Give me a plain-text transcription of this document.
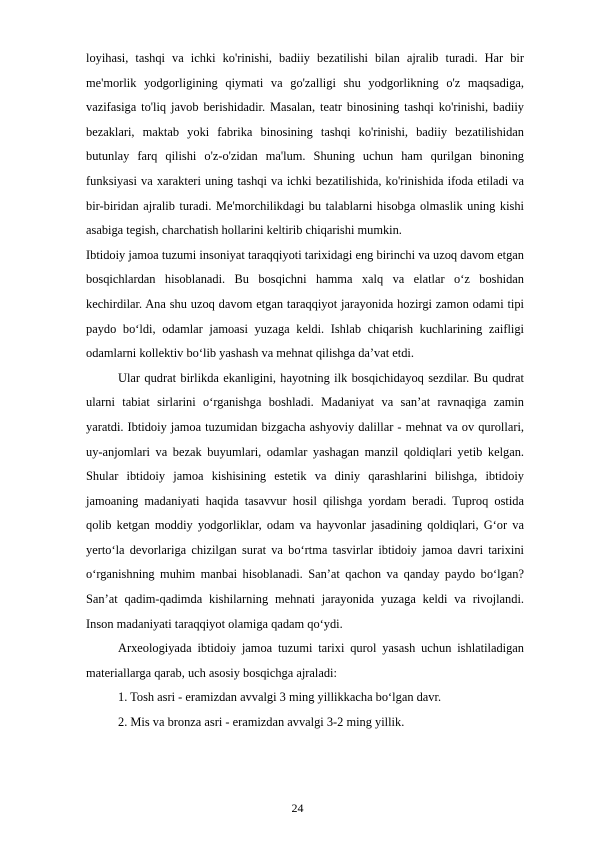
loyihasi, tashqi va ichki ko'rinishi, badiiy bezatilishi bilan ajralib turadi. Har bir me'morlik yodgorligining qiymati va go'zalligi shu yodgorlikning o'z maqsadiga, vazifasiga to'liq javob berishidadir. Masalan, teatr binosining tashqi ko'rinishi, badiiy bezaklari, maktab yoki fabrika binosining tashqi ko'rinishi, badiiy bezatilishidan butunlay farq qilishi o'z-o'zidan ma'lum. Shuning uchun ham qurilgan binoning funksiyasi va xarakteri uning tashqi va ichki bezatilishida, ko'rinishida ifoda etiladi va bir-biridan ajralib turadi. Me'morchilikdagi bu talablarni hisobga olmaslik uning kishi asabiga tegish, charchatish hollarini keltirib chiqarishi mumkin.

Ibtidoiy jamoa tuzumi insoniyat taraqqiyoti tarixidagi eng birinchi va uzoq davom etgan bosqichlardan hisoblanadi. Bu bosqichni hamma xalq va elatlar o‘z boshidan kechirdilar. Ana shu uzoq davom etgan taraqqiyot jarayonida hozirgi zamon odami tipi paydo bo‘ldi, odamlar jamoasi yuzaga keldi. Ishlab chiqarish kuchlarining zaifligi odamlarni kollektiv bo‘lib yashash va mehnat qilishga da’vat etdi.

Ular qudrat birlikda ekanligini, hayotning ilk bosqichidayoq sezdilar. Bu qudrat ularni tabiat sirlarini o‘rganishga boshladi. Madaniyat va san’at ravnaqiga zamin yaratdi. Ibtidoiy jamoa tuzumidan bizgacha ashyoviy dalillar - mehnat va ov qurollari, uy-anjomlari va bezak buyumlari, odamlar yashagan manzil qoldiqlari yetib kelgan. Shular ibtidoiy jamoa kishisining estetik va diniy qarashlarini bilishga, ibtidoiy jamoaning madaniyati haqida tasavvur hosil qilishga yordam beradi. Tuproq ostida qolib ketgan moddiy yodgorliklar, odam va hayvonlar jasadining qoldiqlari, G‘or va yerto‘la devorlariga chizilgan surat va bo‘rtma tasvirlar ibtidoiy jamoa davri tarixini o‘rganishning muhim manbai hisoblanadi. San’at qachon va qanday paydo bo‘lgan? San’at qadim-qadimda kishilarning mehnati jarayonida yuzaga keldi va rivojlandi. Inson madaniyati taraqqiyot olamiga qadam qo‘ydi.

Arxeologiyada ibtidoiy jamoa tuzumi tarixi qurol yasash uchun ishlatiladigan materiallarga qarab, uch asosiy bosqichga ajraladi:

1. Tosh asri - eramizdan avvalgi 3 ming yillikkacha bo‘lgan davr.

2. Mis va bronza asri - eramizdan avvalgi 3-2 ming yillik.

24
